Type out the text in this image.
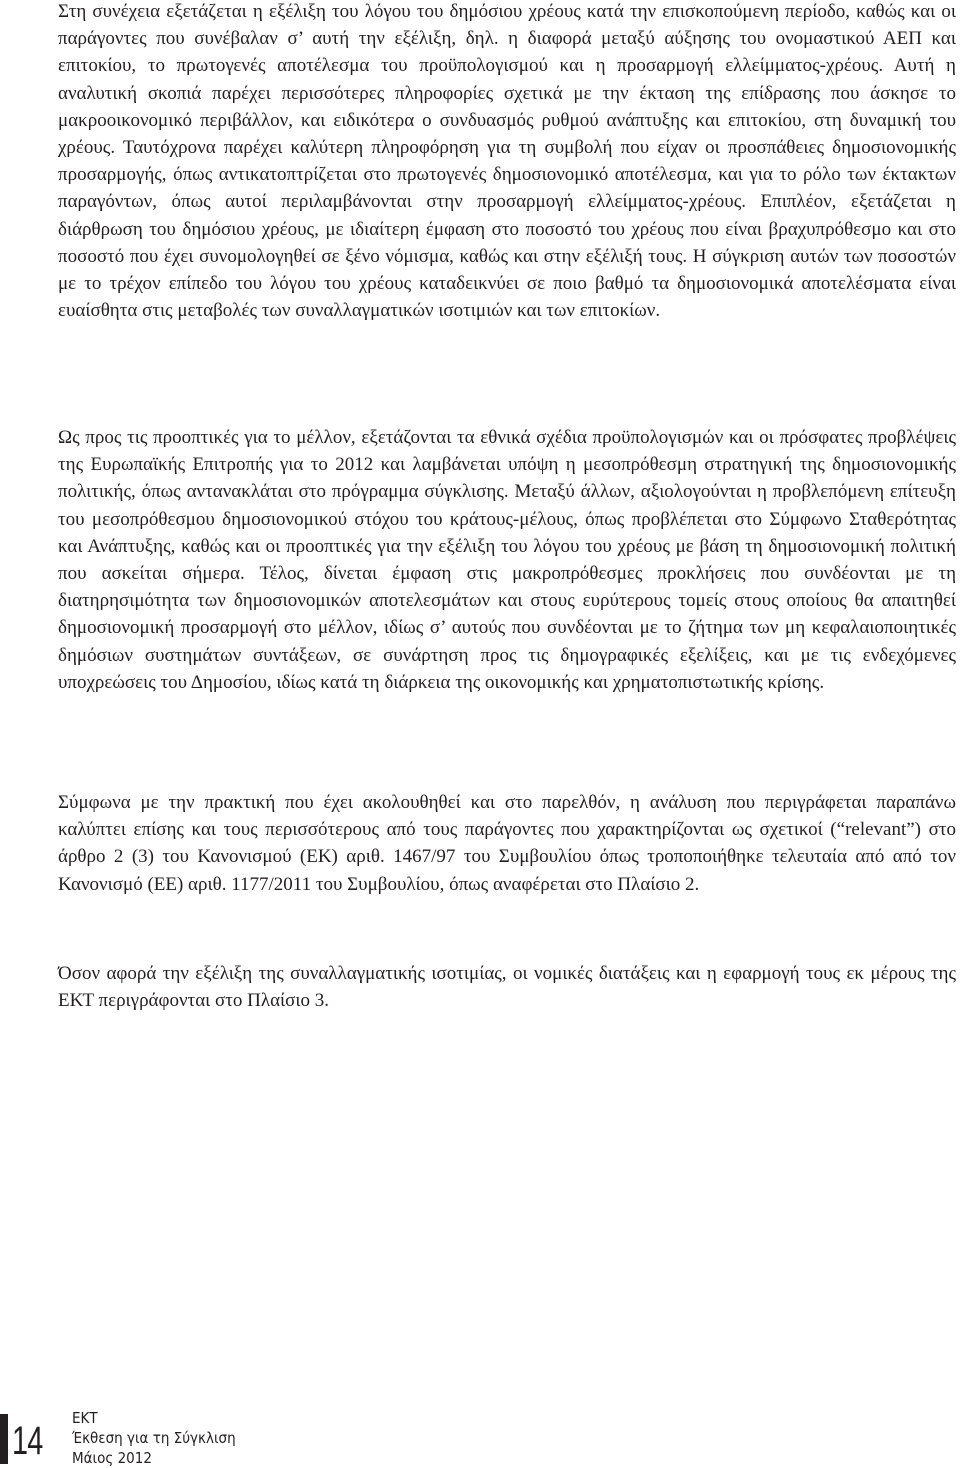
Στη συνέχεια εξετάζεται η εξέλιξη του λόγου του δημόσιου χρέους κατά την επισκοπούμενη περίοδο, καθώς και οι παράγοντες που συνέβαλαν σ’ αυτή την εξέλιξη, δηλ. η διαφορά μεταξύ αύξησης του ονομαστικού ΑΕΠ και επιτοκίου, το πρωτογενές αποτέλεσμα του προϋπολογισμού και η προσαρμογή ελλείμματος-χρέους. Αυτή η αναλυτική σκοπιά παρέχει περισσότερες πληροφορίες σχετικά με την έκταση της επίδρασης που άσκησε το μακροοικονομικό περιβάλλον, και ειδικότερα ο συνδυασμός ρυθμού ανάπτυξης και επιτοκίου, στη δυναμική του χρέους. Ταυτόχρονα παρέχει καλύτερη πληροφόρηση για τη συμβολή που είχαν οι προσπάθειες δημοσιονομικής προσαρμογής, όπως αντικατοπτρίζεται στο πρωτογενές δημοσιονομικό αποτέλεσμα, και για το ρόλο των έκτακτων παραγόντων, όπως αυτοί περιλαμβάνονται στην προσαρμογή ελλείμματος-χρέους. Επιπλέον, εξετάζεται η διάρθρωση του δημόσιου χρέους, με ιδιαίτερη έμφαση στο ποσοστό του χρέους που είναι βραχυπρόθεσμο και στο ποσοστό που έχει συνομολογηθεί σε ξένο νόμισμα, καθώς και στην εξέλιξή τους. Η σύγκριση αυτών των ποσοστών με το τρέχον επίπεδο του λόγου του χρέους καταδεικνύει σε ποιο βαθμό τα δημοσιονομικά αποτελέσματα είναι ευαίσθητα στις μεταβολές των συναλλαγματικών ισοτιμιών και των επιτοκίων.

Ως προς τις προοπτικές για το μέλλον, εξετάζονται τα εθνικά σχέδια προϋπολογισμών και οι πρόσφατες προβλέψεις της Ευρωπαϊκής Επιτροπής για το 2012 και λαμβάνεται υπόψη η μεσοπρόθεσμη στρατηγική της δημοσιονομικής πολιτικής, όπως αντανακλάται στο πρόγραμμα σύγκλισης. Μεταξύ άλλων, αξιολογούνται η προβλεπόμενη επίτευξη του μεσοπρόθεσμου δημοσιονομικού στόχου του κράτους-μέλους, όπως προβλέπεται στο Σύμφωνο Σταθερότητας και Ανάπτυξης, καθώς και οι προοπτικές για την εξέλιξη του λόγου του χρέους με βάση τη δημοσιονομική πολιτική που ασκείται σήμερα. Τέλος, δίνεται έμφαση στις μακροπρόθεσμες προκλήσεις που συνδέονται με τη διατηρησιμότητα των δημοσιονομικών αποτελεσμάτων και στους ευρύτερους τομείς στους οποίους θα απαιτηθεί δημοσιονομική προσαρμογή στο μέλλον, ιδίως σ’ αυτούς που συνδέονται με το ζήτημα των μη κεφαλαιοποιητικές δημόσιων συστημάτων συντάξεων, σε συνάρτηση προς τις δημογραφικές εξελίξεις, και με τις ενδεχόμενες υποχρεώσεις του Δημοσίου, ιδίως κατά τη διάρκεια της οικονομικής και χρηματοπιστωτικής κρίσης.

Σύμφωνα με την πρακτική που έχει ακολουθηθεί και στο παρελθόν, η ανάλυση που περιγράφεται παραπάνω καλύπτει επίσης και τους περισσότερους από τους παράγοντες που χαρακτηρίζονται ως σχετικοί (“relevant”) στο άρθρο 2 (3) του Κανονισμού (ΕΚ) αριθ. 1467/97 του Συμβουλίου όπως τροποποιήθηκε τελευταία από από τον Κανονισμό (ΕΕ) αριθ. 1177/2011 του Συμβουλίου, όπως αναφέρεται στο Πλαίσιο 2.

Όσον αφορά την εξέλιξη της συναλλαγματικής ισοτιμίας, οι νομικές διατάξεις και η εφαρμογή τους εκ μέρους της ΕΚΤ περιγράφονται στο Πλαίσιο 3.

14
ΕΚΤ
Έκθεση για τη Σύγκλιση
Μάιος 2012
